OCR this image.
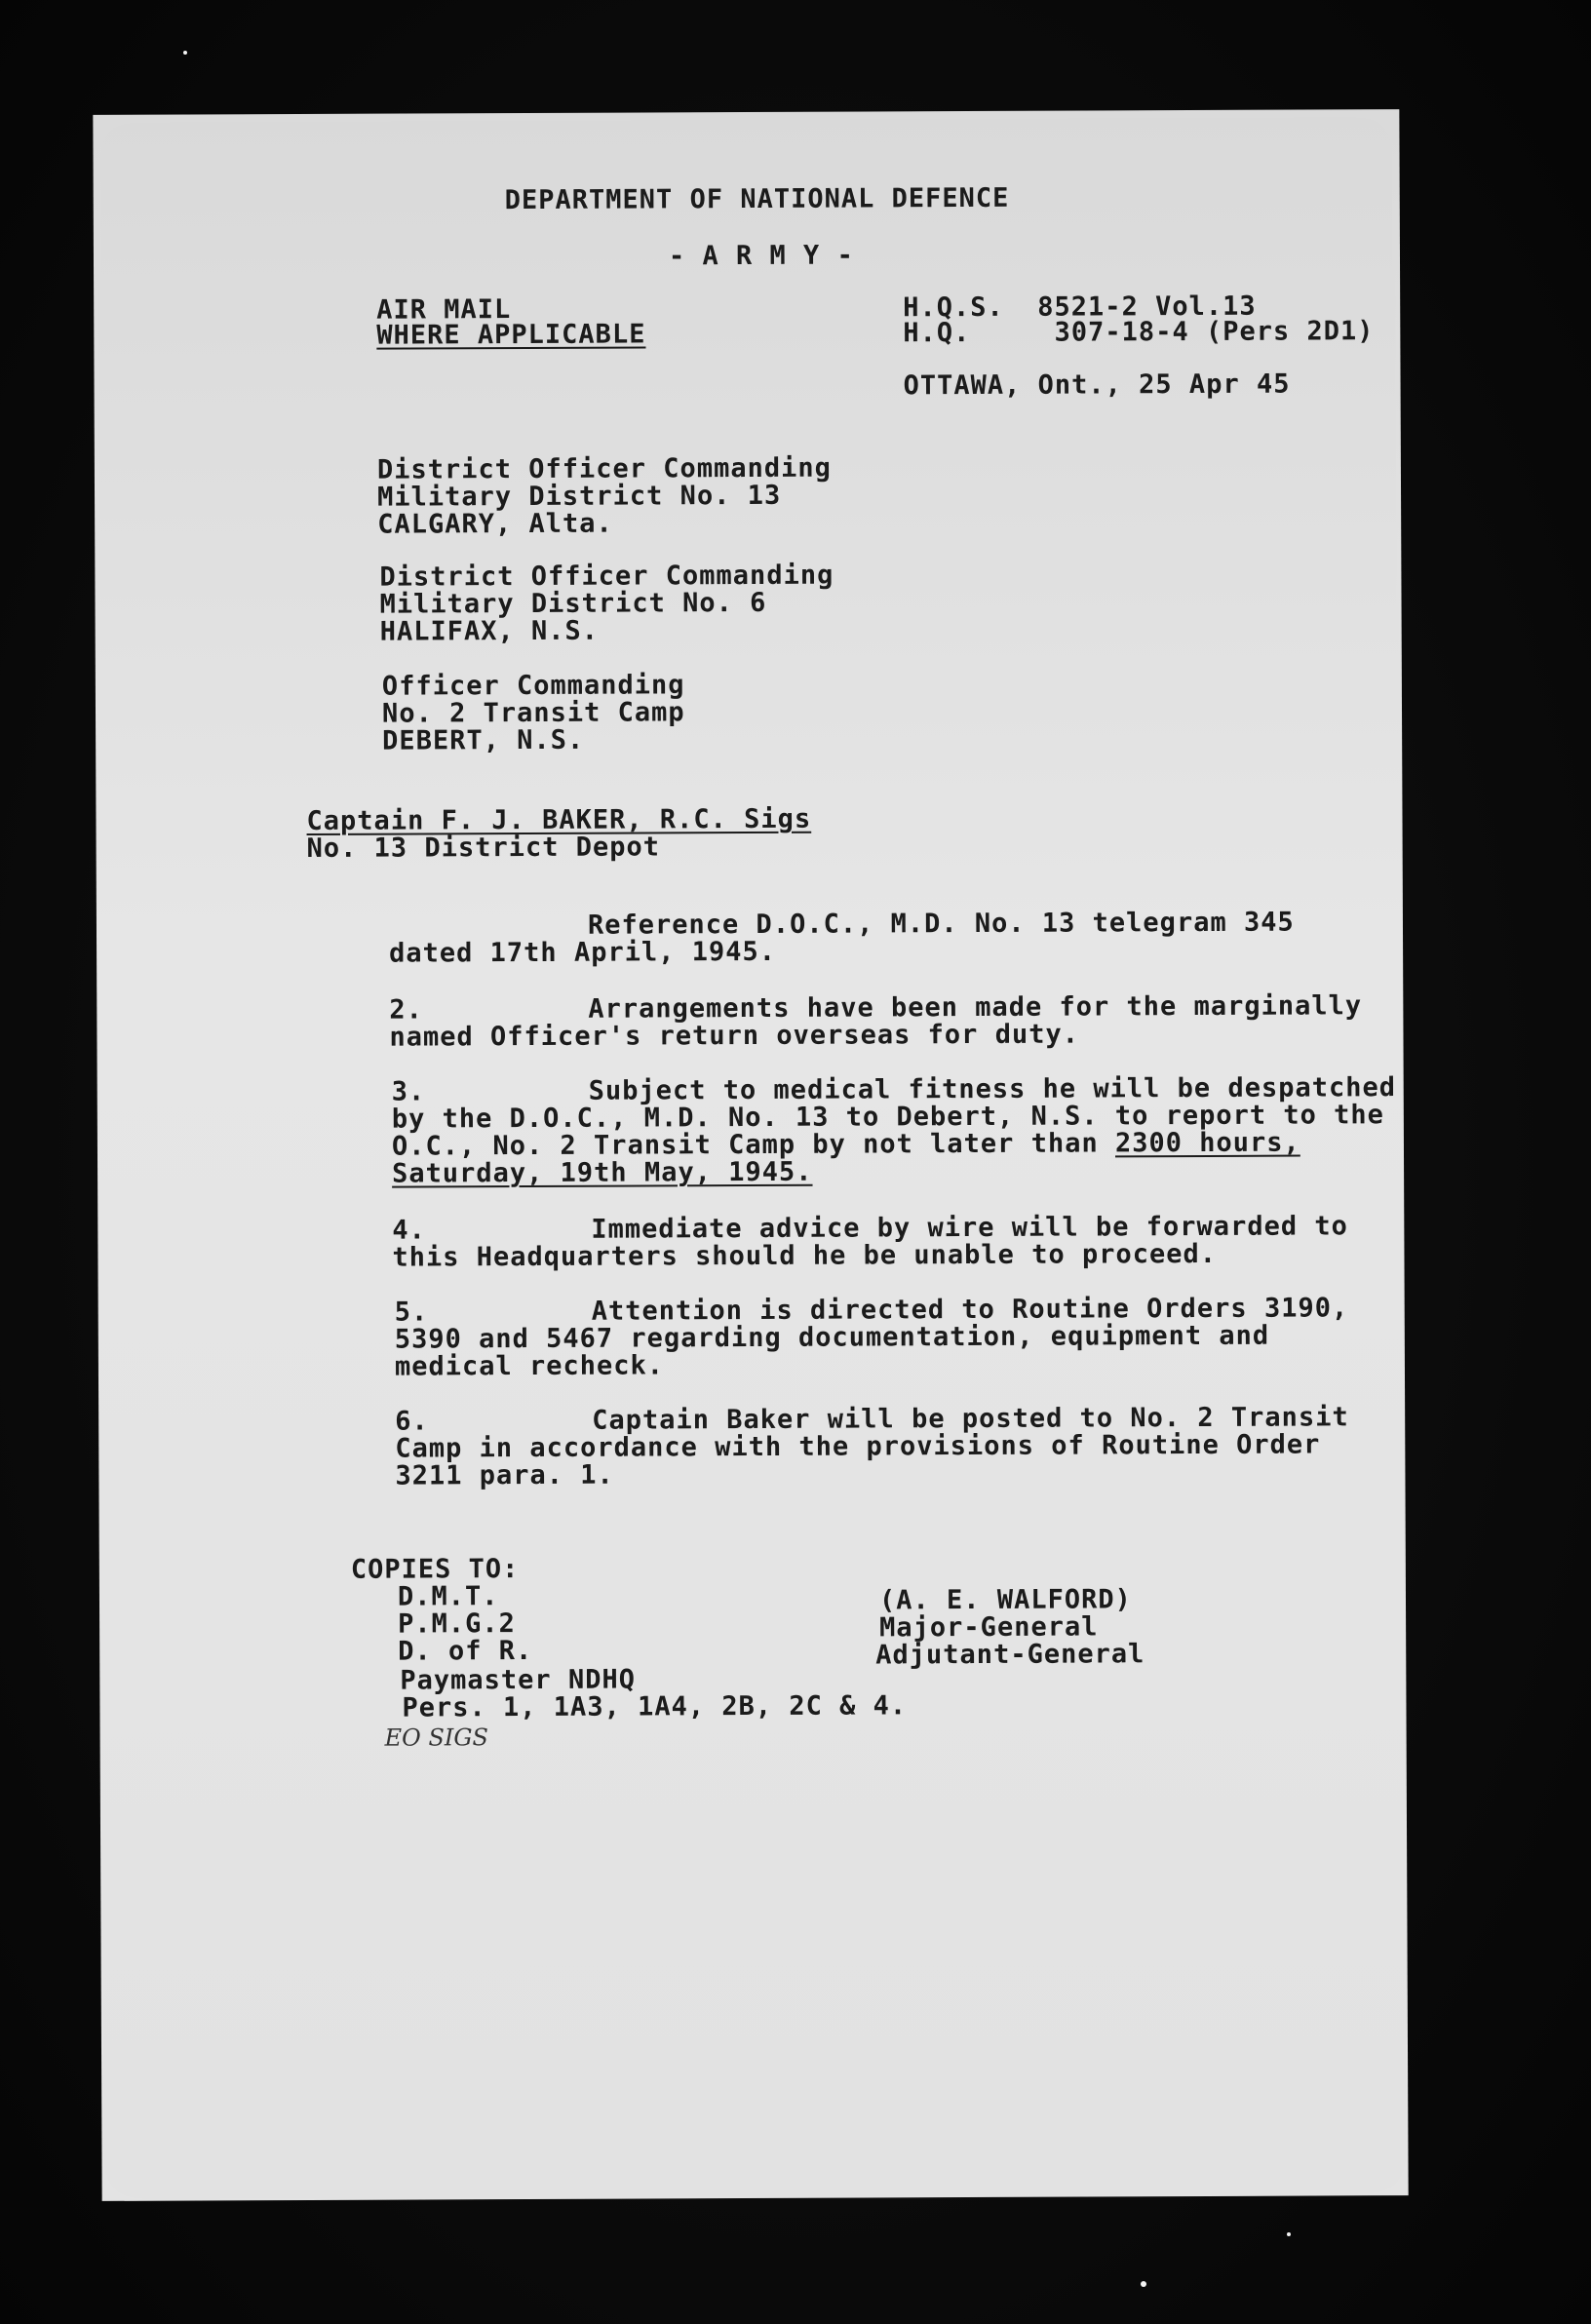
DEPARTMENT OF NATIONAL DEFENCE
- A R M Y -
AIR MAIL
WHERE APPLICABLE
H.Q.S.  8521-2 Vol.13
H.Q.     307-18-4 (Pers 2D1)
OTTAWA, Ont., 25 Apr 45
District Officer Commanding
Military District No. 13
CALGARY, Alta.
District Officer Commanding
Military District No. 6
HALIFAX, N.S.
Officer Commanding
No. 2 Transit Camp
DEBERT, N.S.
Captain F. J. BAKER, R.C. Sigs
No. 13 District Depot
Reference D.O.C., M.D. No. 13 telegram 345
dated 17th April, 1945.
2.	Arrangements have been made for the marginally
named Officer's return overseas for duty.
3.	Subject to medical fitness he will be despatched
by the D.O.C., M.D. No. 13 to Debert, N.S. to report to the
O.C., No. 2 Transit Camp by not later than 2300 hours,
Saturday, 19th May, 1945.
4.	Immediate advice by wire will be forwarded to
this Headquarters should he be unable to proceed.
5.	Attention is directed to Routine Orders 3190,
5390 and 5467 regarding documentation, equipment and
medical recheck.
6.	Captain Baker will be posted to No. 2 Transit
Camp in accordance with the provisions of Routine Order
3211 para. 1.
COPIES TO:
D.M.T.
P.M.G.2
D. of R.
Paymaster NDHQ
Pers. 1, 1A3, 1A4, 2B, 2C & 4.
EO SIGS
(A. E. WALFORD)
Major-General
Adjutant-General
